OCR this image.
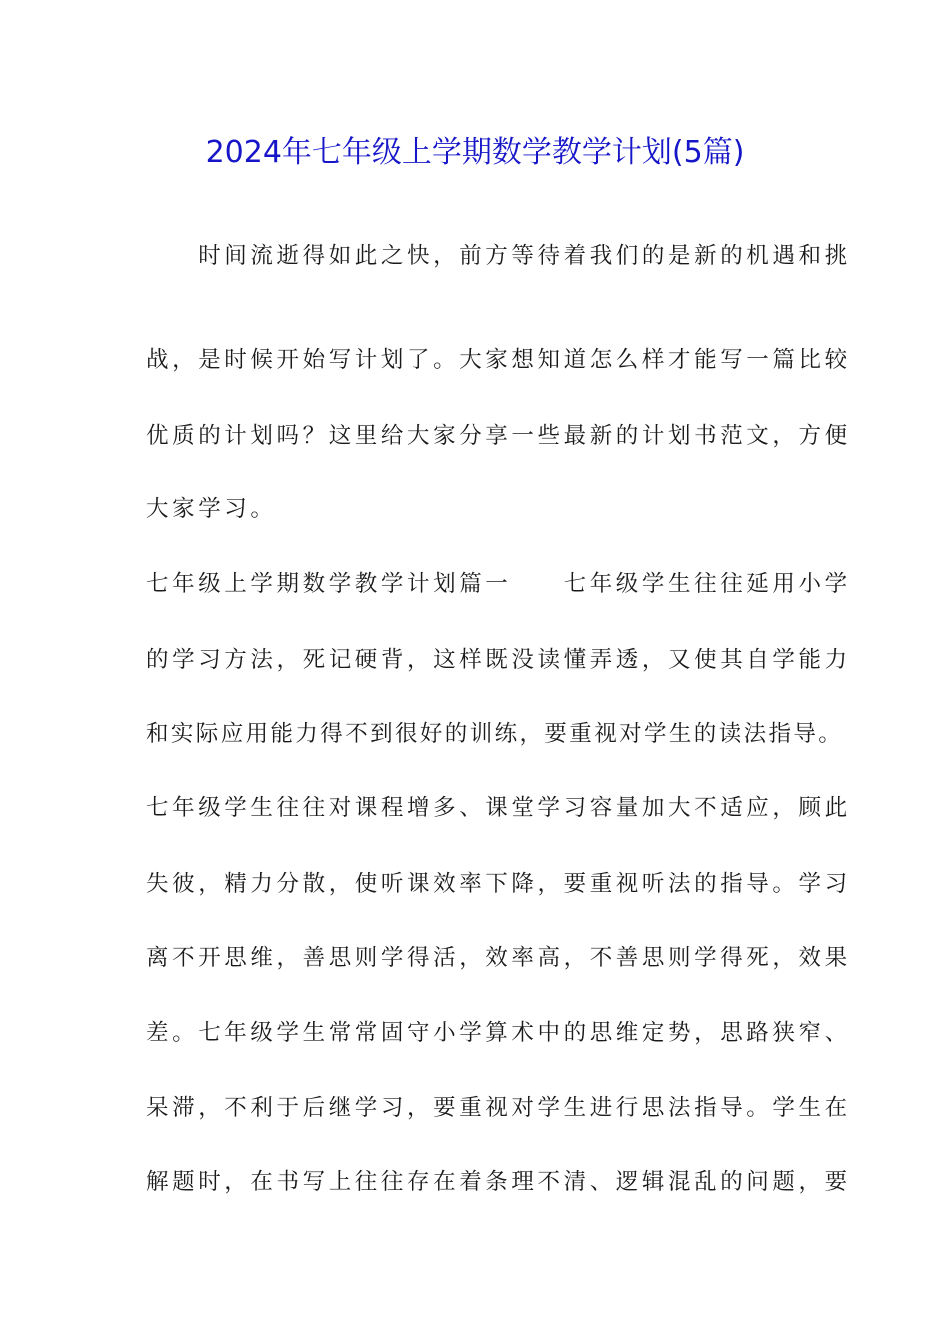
2024年七年级上学期数学教学计划(5篇)
　　时间流逝得如此之快，前方等待着我们的是新的机遇和挑
战，是时候开始写计划了。大家想知道怎么样才能写一篇比较
优质的计划吗？这里给大家分享一些最新的计划书范文，方便
大家学习。
七年级上学期数学教学计划篇一　　七年级学生往往延用小学
的学习方法，死记硬背，这样既没读懂弄透，又使其自学能力
和实际应用能力得不到很好的训练，要重视对学生的读法指导。
七年级学生往往对课程增多、课堂学习容量加大不适应，顾此
失彼，精力分散，使听课效率下降，要重视听法的指导。学习
离不开思维，善思则学得活，效率高，不善思则学得死，效果
差。七年级学生常常固守小学算术中的思维定势，思路狭窄、
呆滞，不利于后继学习，要重视对学生进行思法指导。学生在
解题时，在书写上往往存在着条理不清、逻辑混乱的问题，要
